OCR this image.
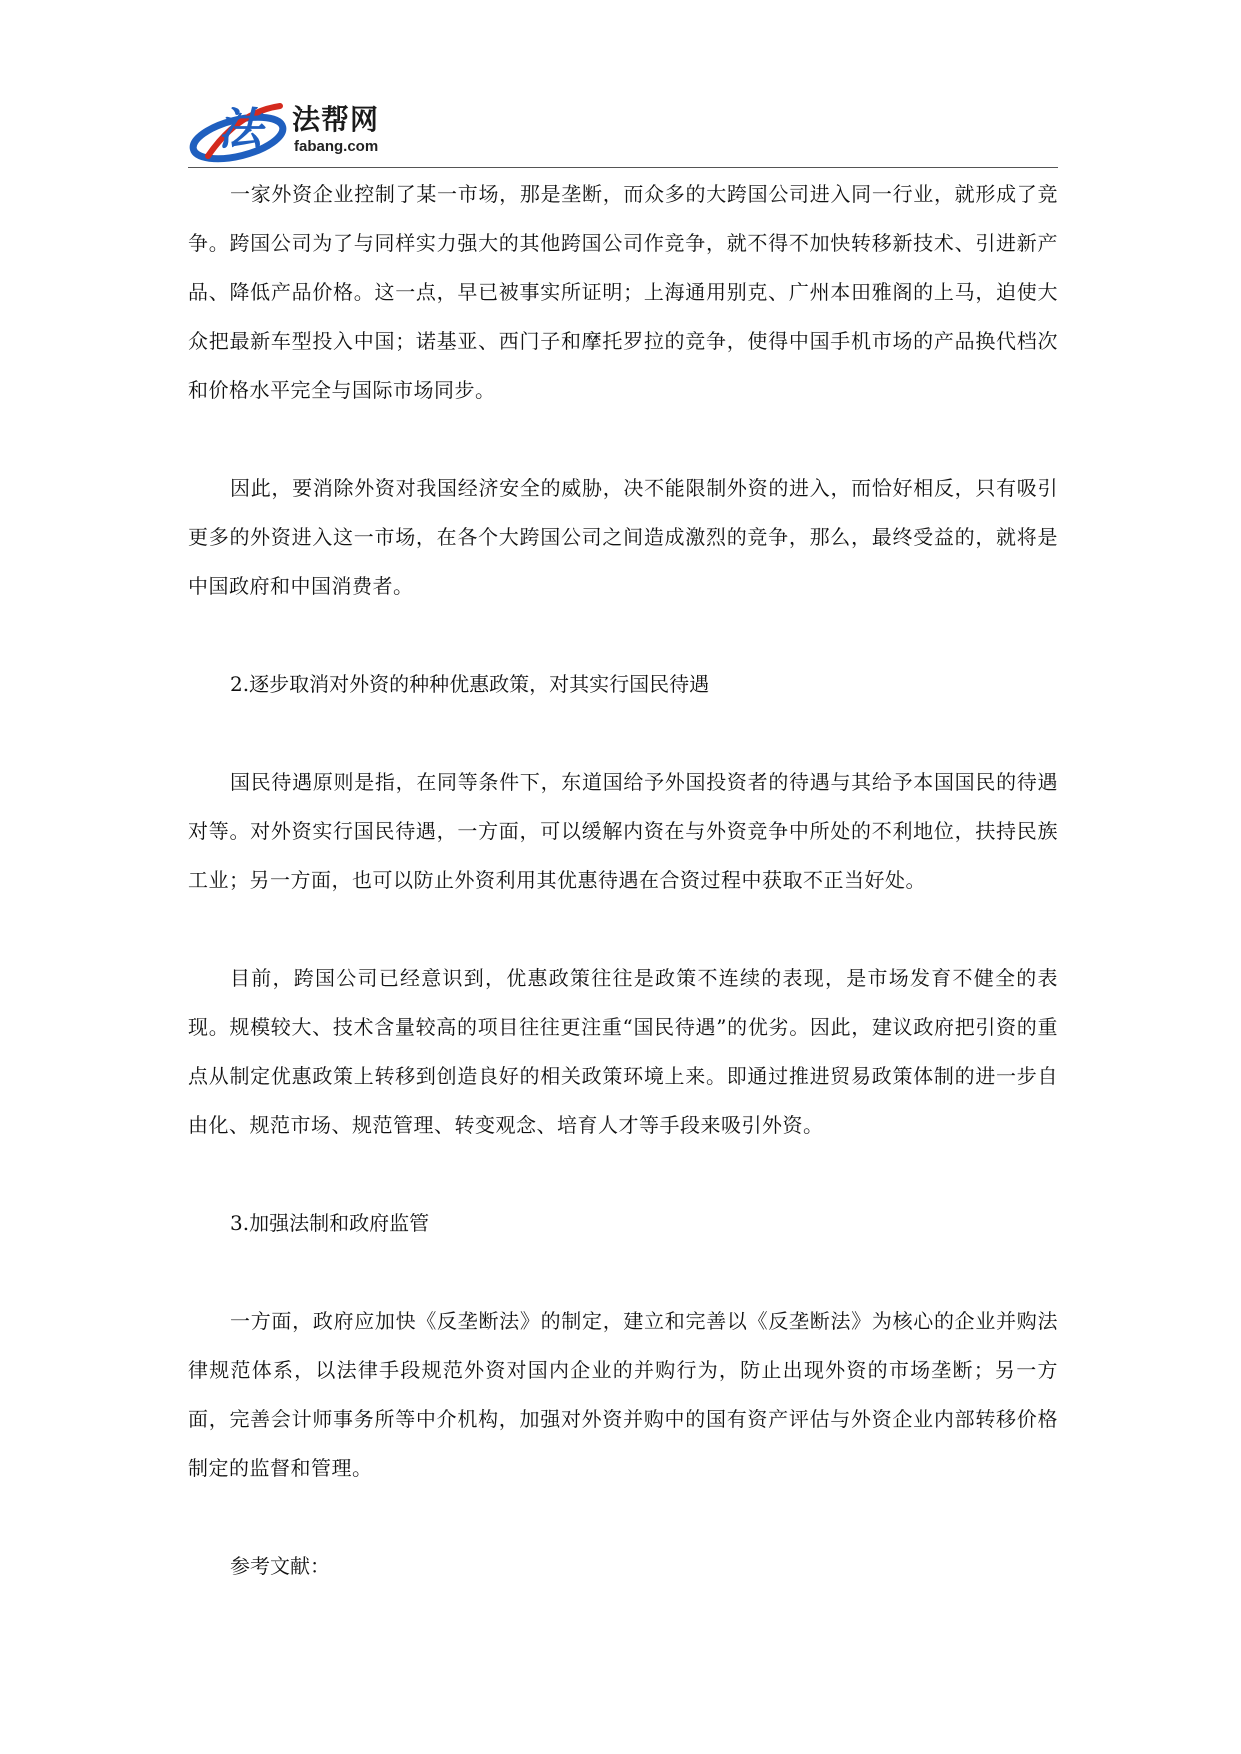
法 法帮网
fabang.com

一家外资企业控制了某一市场，那是垄断，而众多的大跨国公司进入同一行业，就形成了竞争。跨国公司为了与同样实力强大的其他跨国公司作竞争，就不得不加快转移新技术、引进新产品、降低产品价格。这一点，早已被事实所证明；上海通用别克、广州本田雅阁的上马，迫使大众把最新车型投入中国；诺基亚、西门子和摩托罗拉的竞争，使得中国手机市场的产品换代档次和价格水平完全与国际市场同步。

因此，要消除外资对我国经济安全的威胁，决不能限制外资的进入，而恰好相反，只有吸引更多的外资进入这一市场，在各个大跨国公司之间造成激烈的竞争，那么，最终受益的，就将是中国政府和中国消费者。

2.逐步取消对外资的种种优惠政策，对其实行国民待遇

国民待遇原则是指，在同等条件下，东道国给予外国投资者的待遇与其给予本国国民的待遇对等。对外资实行国民待遇，一方面，可以缓解内资在与外资竞争中所处的不利地位，扶持民族工业；另一方面，也可以防止外资利用其优惠待遇在合资过程中获取不正当好处。

目前，跨国公司已经意识到，优惠政策往往是政策不连续的表现，是市场发育不健全的表现。规模较大、技术含量较高的项目往往更注重“国民待遇”的优劣。因此，建议政府把引资的重点从制定优惠政策上转移到创造良好的相关政策环境上来。即通过推进贸易政策体制的进一步自由化、规范市场、规范管理、转变观念、培育人才等手段来吸引外资。

3.加强法制和政府监管

一方面，政府应加快《反垄断法》的制定，建立和完善以《反垄断法》为核心的企业并购法律规范体系，以法律手段规范外资对国内企业的并购行为，防止出现外资的市场垄断；另一方面，完善会计师事务所等中介机构，加强对外资并购中的国有资产评估与外资企业内部转移价格制定的监督和管理。

参考文献：
